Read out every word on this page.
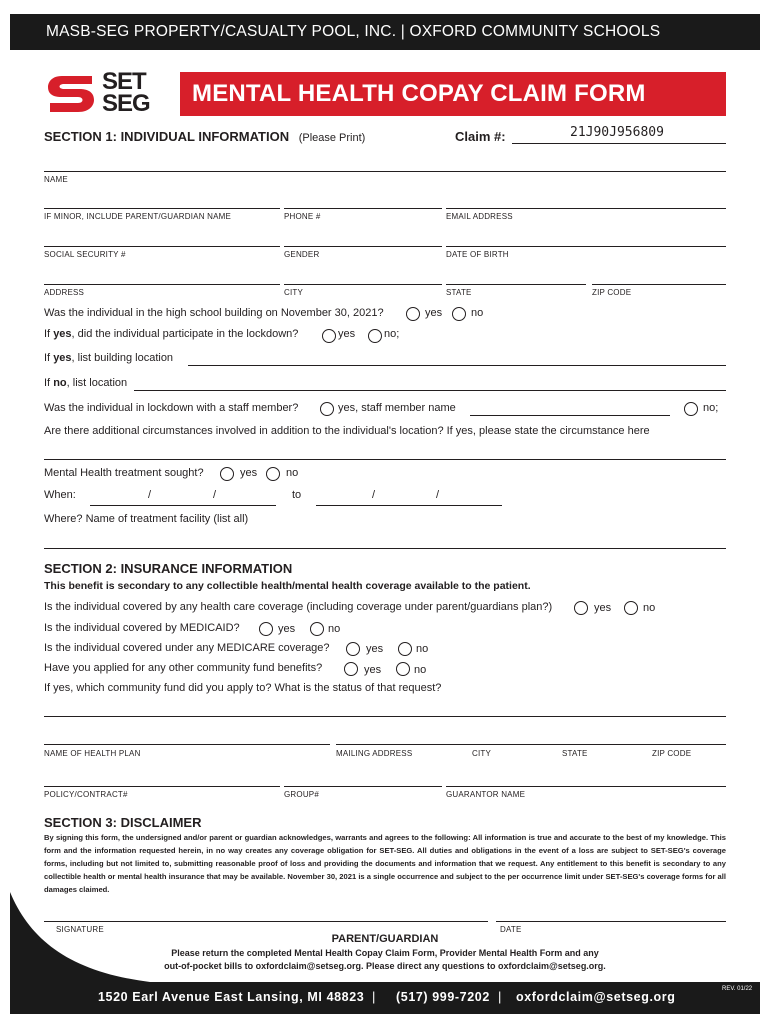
MASB-SEG PROPERTY/CASUALTY POOL, INC. | OXFORD COMMUNITY SCHOOLS
SET
SEG	MENTAL HEALTH COPAY CLAIM FORM
SECTION 1: INDIVIDUAL INFORMATION (Please Print)	Claim #:	21J90J956809
NAME
IF MINOR, INCLUDE PARENT/GUARDIAN NAME	PHONE #	EMAIL ADDRESS
SOCIAL SECURITY #	GENDER	DATE OF BIRTH
ADDRESS	CITY	STATE	ZIP CODE
Was the individual in the high school building on November 30, 2021?	yes	no
If yes, did the individual participate in the lockdown?	yes	no;
If yes, list building location
If no, list location
Was the individual in lockdown with a staff member?	yes, staff member name	no;
Are there additional circumstances involved in addition to the individual's location? If yes, please state the circumstance here
Mental Health treatment sought?	yes	no
When:	/	/	to	/	/
Where? Name of treatment facility (list all)
SECTION 2: INSURANCE INFORMATION
This benefit is secondary to any collectible health/mental health coverage available to the patient.
Is the individual covered by any health care coverage (including coverage under parent/guardians plan?)	yes	no
Is the individual covered by MEDICAID?	yes	no
Is the individual covered under any MEDICARE coverage?	yes	no
Have you applied for any other community fund benefits?	yes	no
If yes, which community fund did you apply to? What is the status of that request?
NAME OF HEALTH PLAN	MAILING ADDRESS	CITY	STATE	ZIP CODE
POLICY/CONTRACT#	GROUP#	GUARANTOR NAME
SECTION 3: DISCLAIMER
By signing this form, the undersigned and/or parent or guardian acknowledges, warrants and agrees to the following: All information is true and accurate to the best of my knowledge. This form and the information requested herein, in no way creates any coverage obligation for SET-SEG. All duties and obligations in the event of a loss are subject to SET-SEG's coverage forms, including but not limited to, submitting reasonable proof of loss and providing the documents and information that we request. Any entitlement to this benefit is secondary to any collectible health or mental health insurance that may be available. November 30, 2021 is a single occurrence and subject to the per occurrence limit under SET-SEG's coverage forms for all damages claimed.
SIGNATURE	DATE
PARENT/GUARDIAN
Please return the completed Mental Health Copay Claim Form, Provider Mental Health Form and any
out-of-pocket bills to oxfordclaim@setseg.org. Please direct any questions to oxfordclaim@setseg.org.
1520 Earl Avenue East Lansing, MI 48823 | (517) 999-7202 | oxfordclaim@setseg.org
REV. 01/22
